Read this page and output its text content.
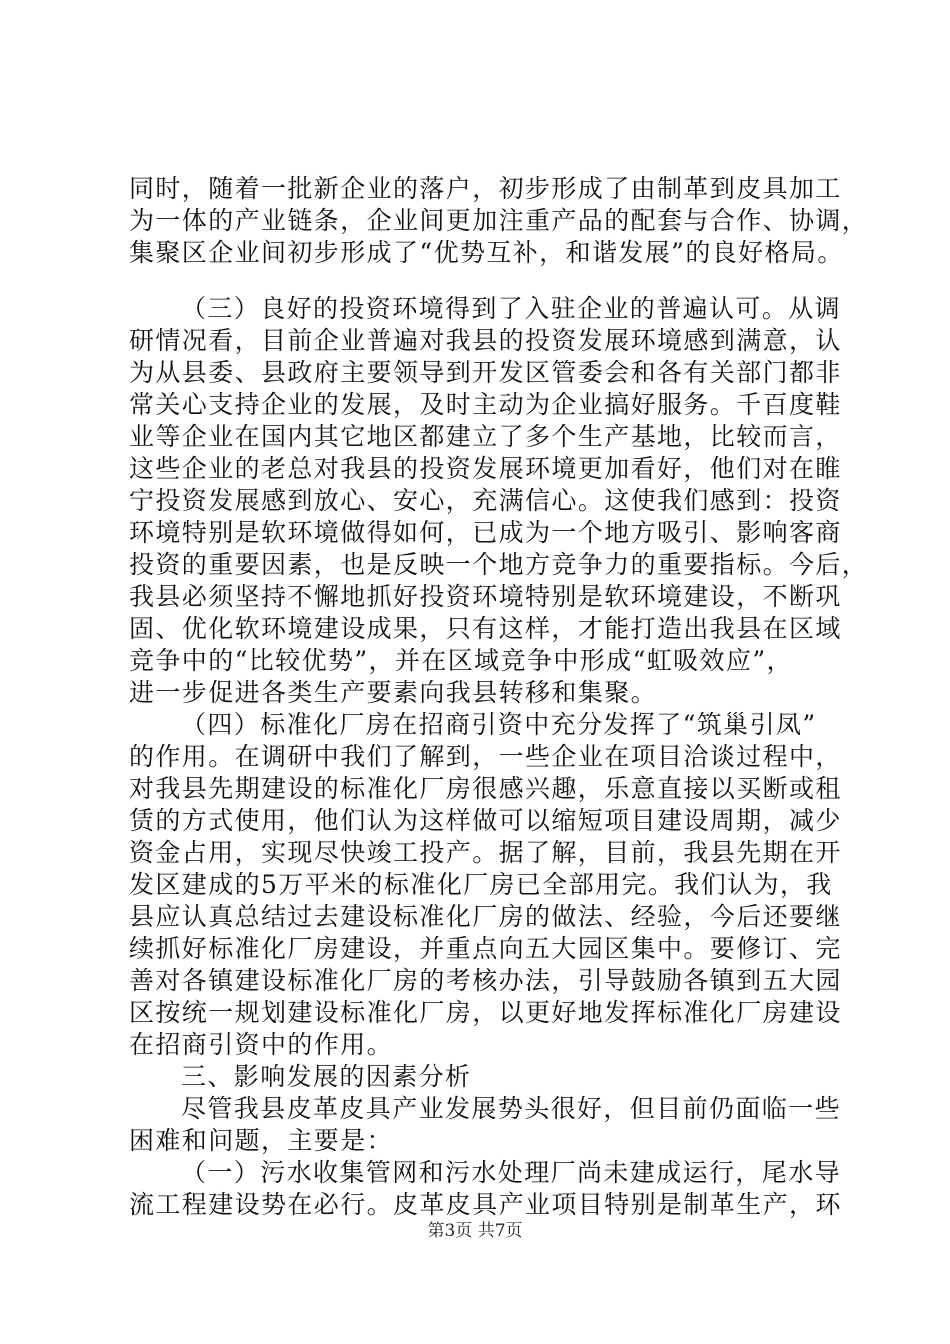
同时，随着一批新企业的落户，初步形成了由制革到皮具加工
为一体的产业链条，企业间更加注重产品的配套与合作、协调，
集聚区企业间初步形成了“优势互补，和谐发展”的良好格局。
（三）良好的投资环境得到了入驻企业的普遍认可。从调
研情况看，目前企业普遍对我县的投资发展环境感到满意，认
为从县委、县政府主要领导到开发区管委会和各有关部门都非
常关心支持企业的发展，及时主动为企业搞好服务。千百度鞋
业等企业在国内其它地区都建立了多个生产基地，比较而言，
这些企业的老总对我县的投资发展环境更加看好，他们对在睢
宁投资发展感到放心、安心，充满信心。这使我们感到：投资
环境特别是软环境做得如何，已成为一个地方吸引、影响客商
投资的重要因素，也是反映一个地方竞争力的重要指标。今后，
我县必须坚持不懈地抓好投资环境特别是软环境建设，不断巩
固、优化软环境建设成果，只有这样，才能打造出我县在区域
竞争中的“比较优势”，并在区域竞争中形成“虹吸效应”，
进一步促进各类生产要素向我县转移和集聚。
（四）标准化厂房在招商引资中充分发挥了“筑巢引凤”
的作用。在调研中我们了解到，一些企业在项目洽谈过程中，
对我县先期建设的标准化厂房很感兴趣，乐意直接以买断或租
赁的方式使用，他们认为这样做可以缩短项目建设周期，减少
资金占用，实现尽快竣工投产。据了解，目前，我县先期在开
发区建成的5万平米的标准化厂房已全部用完。我们认为，我
县应认真总结过去建设标准化厂房的做法、经验，今后还要继
续抓好标准化厂房建设，并重点向五大园区集中。要修订、完
善对各镇建设标准化厂房的考核办法，引导鼓励各镇到五大园
区按统一规划建设标准化厂房，以更好地发挥标准化厂房建设
在招商引资中的作用。
三、影响发展的因素分析
尽管我县皮革皮具产业发展势头很好，但目前仍面临一些
困难和问题，主要是：
（一）污水收集管网和污水处理厂尚未建成运行，尾水导
流工程建设势在必行。皮革皮具产业项目特别是制革生产，环
第3页 共7页
